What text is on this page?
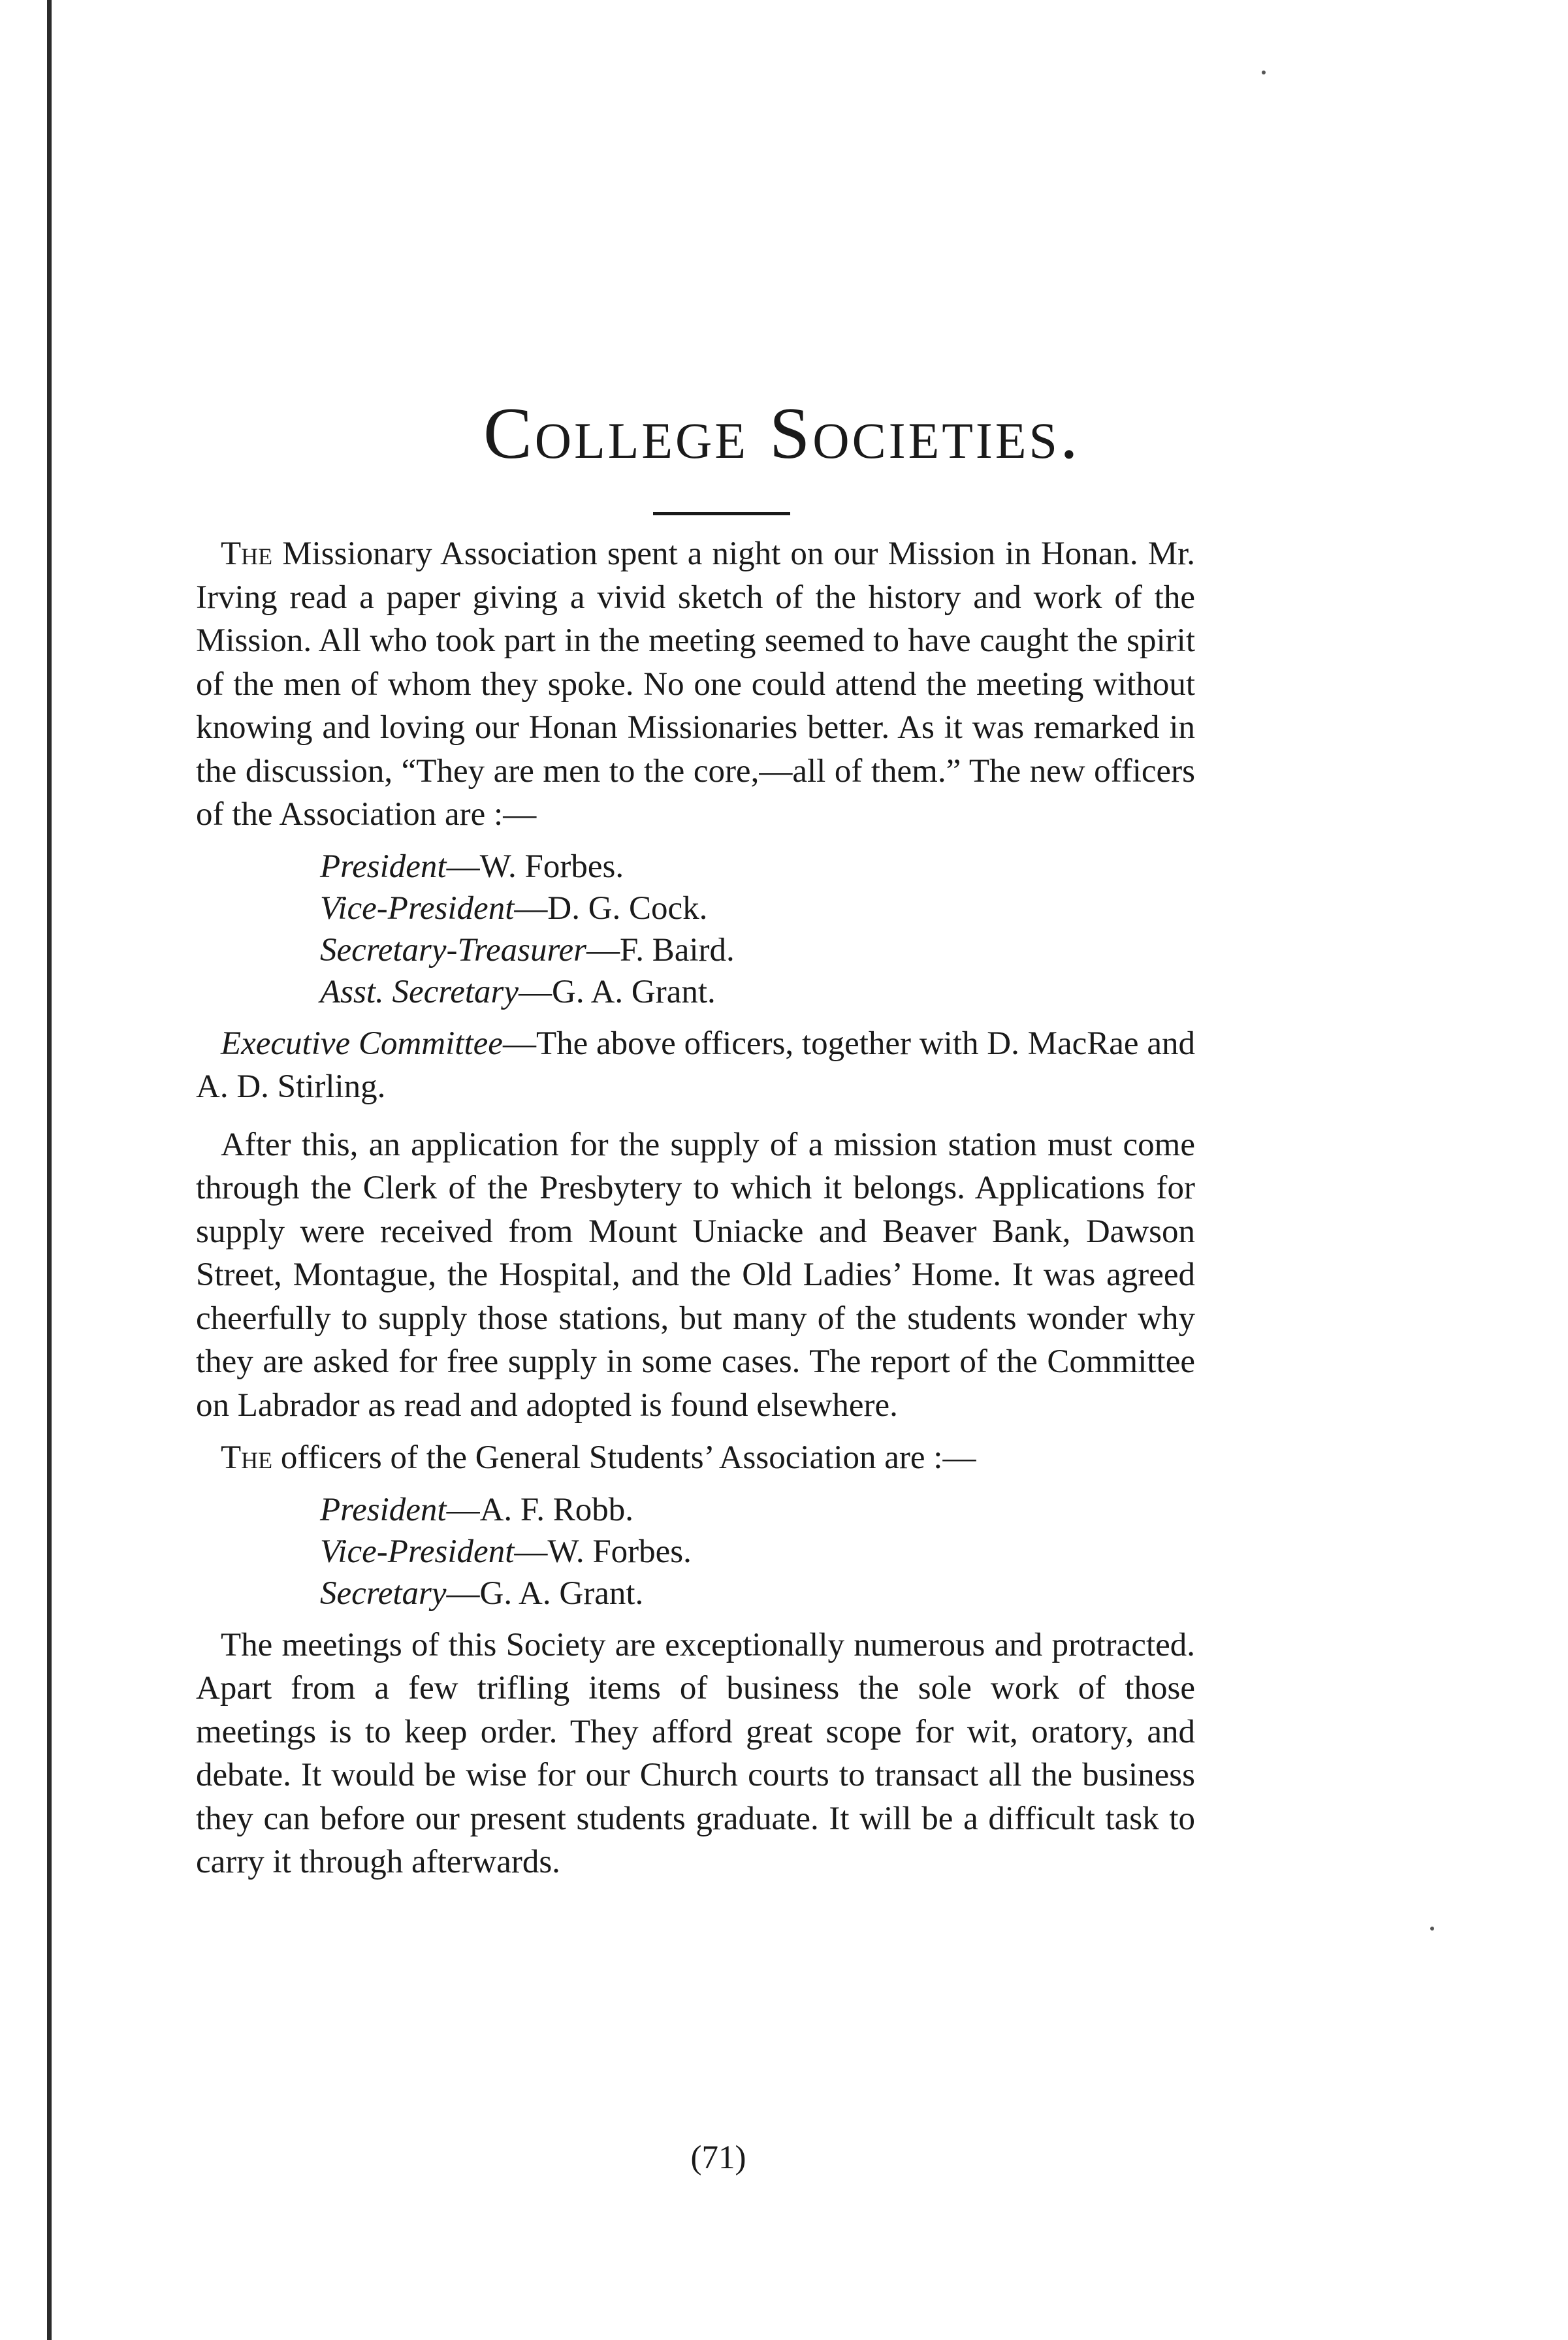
College Societies.

The Missionary Association spent a night on our Mission in Honan. Mr. Irving read a paper giving a vivid sketch of the history and work of the Mission. All who took part in the meeting seemed to have caught the spirit of the men of whom they spoke. No one could attend the meeting without knowing and loving our Honan Missionaries better. As it was remarked in the discussion, “They are men to the core,—all of them.” The new officers of the Association are :—

President—W. Forbes.
Vice-President—D. G. Cock.
Secretary-Treasurer—F. Baird.
Asst. Secretary—G. A. Grant.

Executive Committee—The above officers, together with D. MacRae and A. D. Stirling.

After this, an application for the supply of a mission station must come through the Clerk of the Presbytery to which it belongs. Applications for supply were received from Mount Uniacke and Beaver Bank, Dawson Street, Montague, the Hospital, and the Old Ladies’ Home. It was agreed cheerfully to supply those stations, but many of the students wonder why they are asked for free supply in some cases. The report of the Committee on Labrador as read and adopted is found elsewhere.

The officers of the General Students’ Association are :—

President—A. F. Robb.
Vice-President—W. Forbes.
Secretary—G. A. Grant.

The meetings of this Society are exceptionally numerous and protracted. Apart from a few trifling items of business the sole work of those meetings is to keep order. They afford great scope for wit, oratory, and debate. It would be wise for our Church courts to transact all the business they can before our present students graduate. It will be a difficult task to carry it through afterwards.

(71)
